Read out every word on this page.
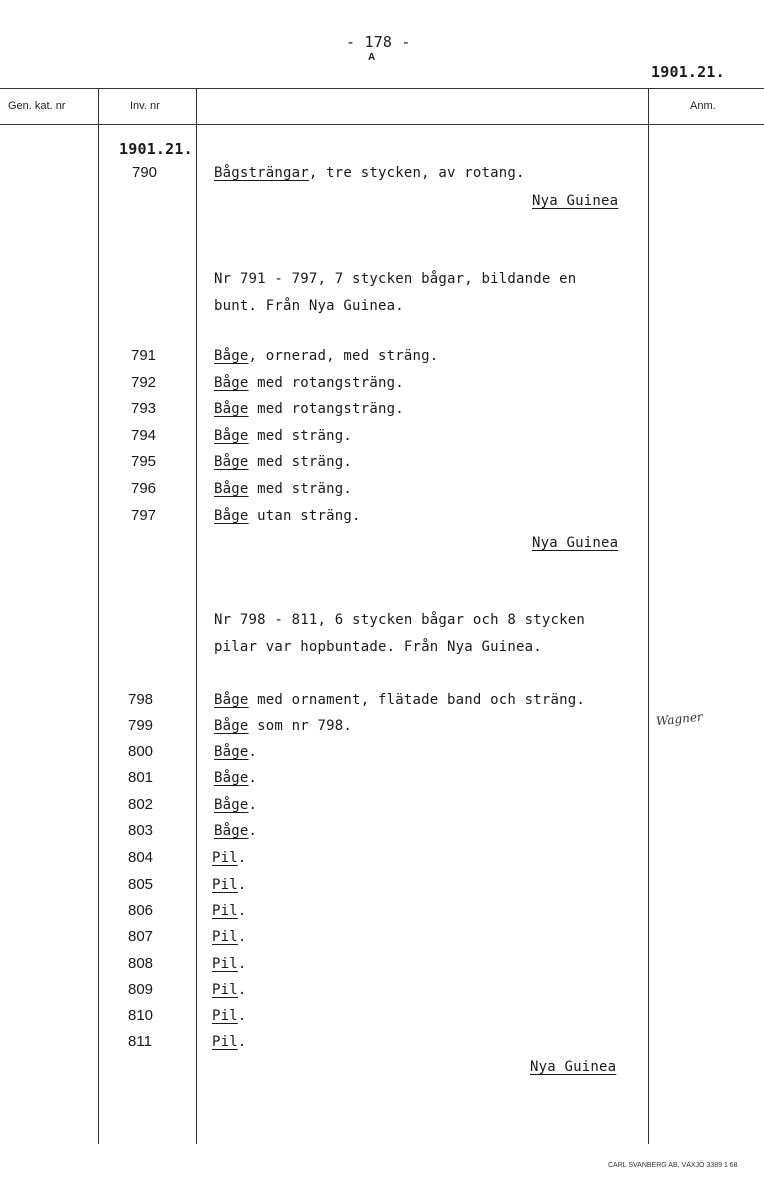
- 178 -
A
1901.21.
Gen. kat. nr	Inv. nr	Anm.
1901.21.
790	Bågsträngar, tre stycken, av rotang.
Nya Guinea
Nr 791 - 797, 7 stycken bågar, bildande en
bunt. Från Nya Guinea.
791	Båge, ornerad, med sträng.
792	Båge med rotangsträng.
793	Båge med rotangsträng.
794	Båge med sträng.
795	Båge med sträng.
796	Båge med sträng.
797	Båge utan sträng.
Nya Guinea
Nr 798 - 811, 6 stycken bågar och 8 stycken
pilar var hopbuntade. Från Nya Guinea.
798	Båge med ornament, flätade band och sträng.
799	Båge som nr 798.
800	Båge.
801	Båge.
802	Båge.
803	Båge.
804	Pil.
805	Pil.
806	Pil.
807	Pil.
808	Pil.
809	Pil.
810	Pil.
811	Pil.
Nya Guinea
Wagner
CARL SVANBERG AB, VÄXJÖ 3389 1 68
